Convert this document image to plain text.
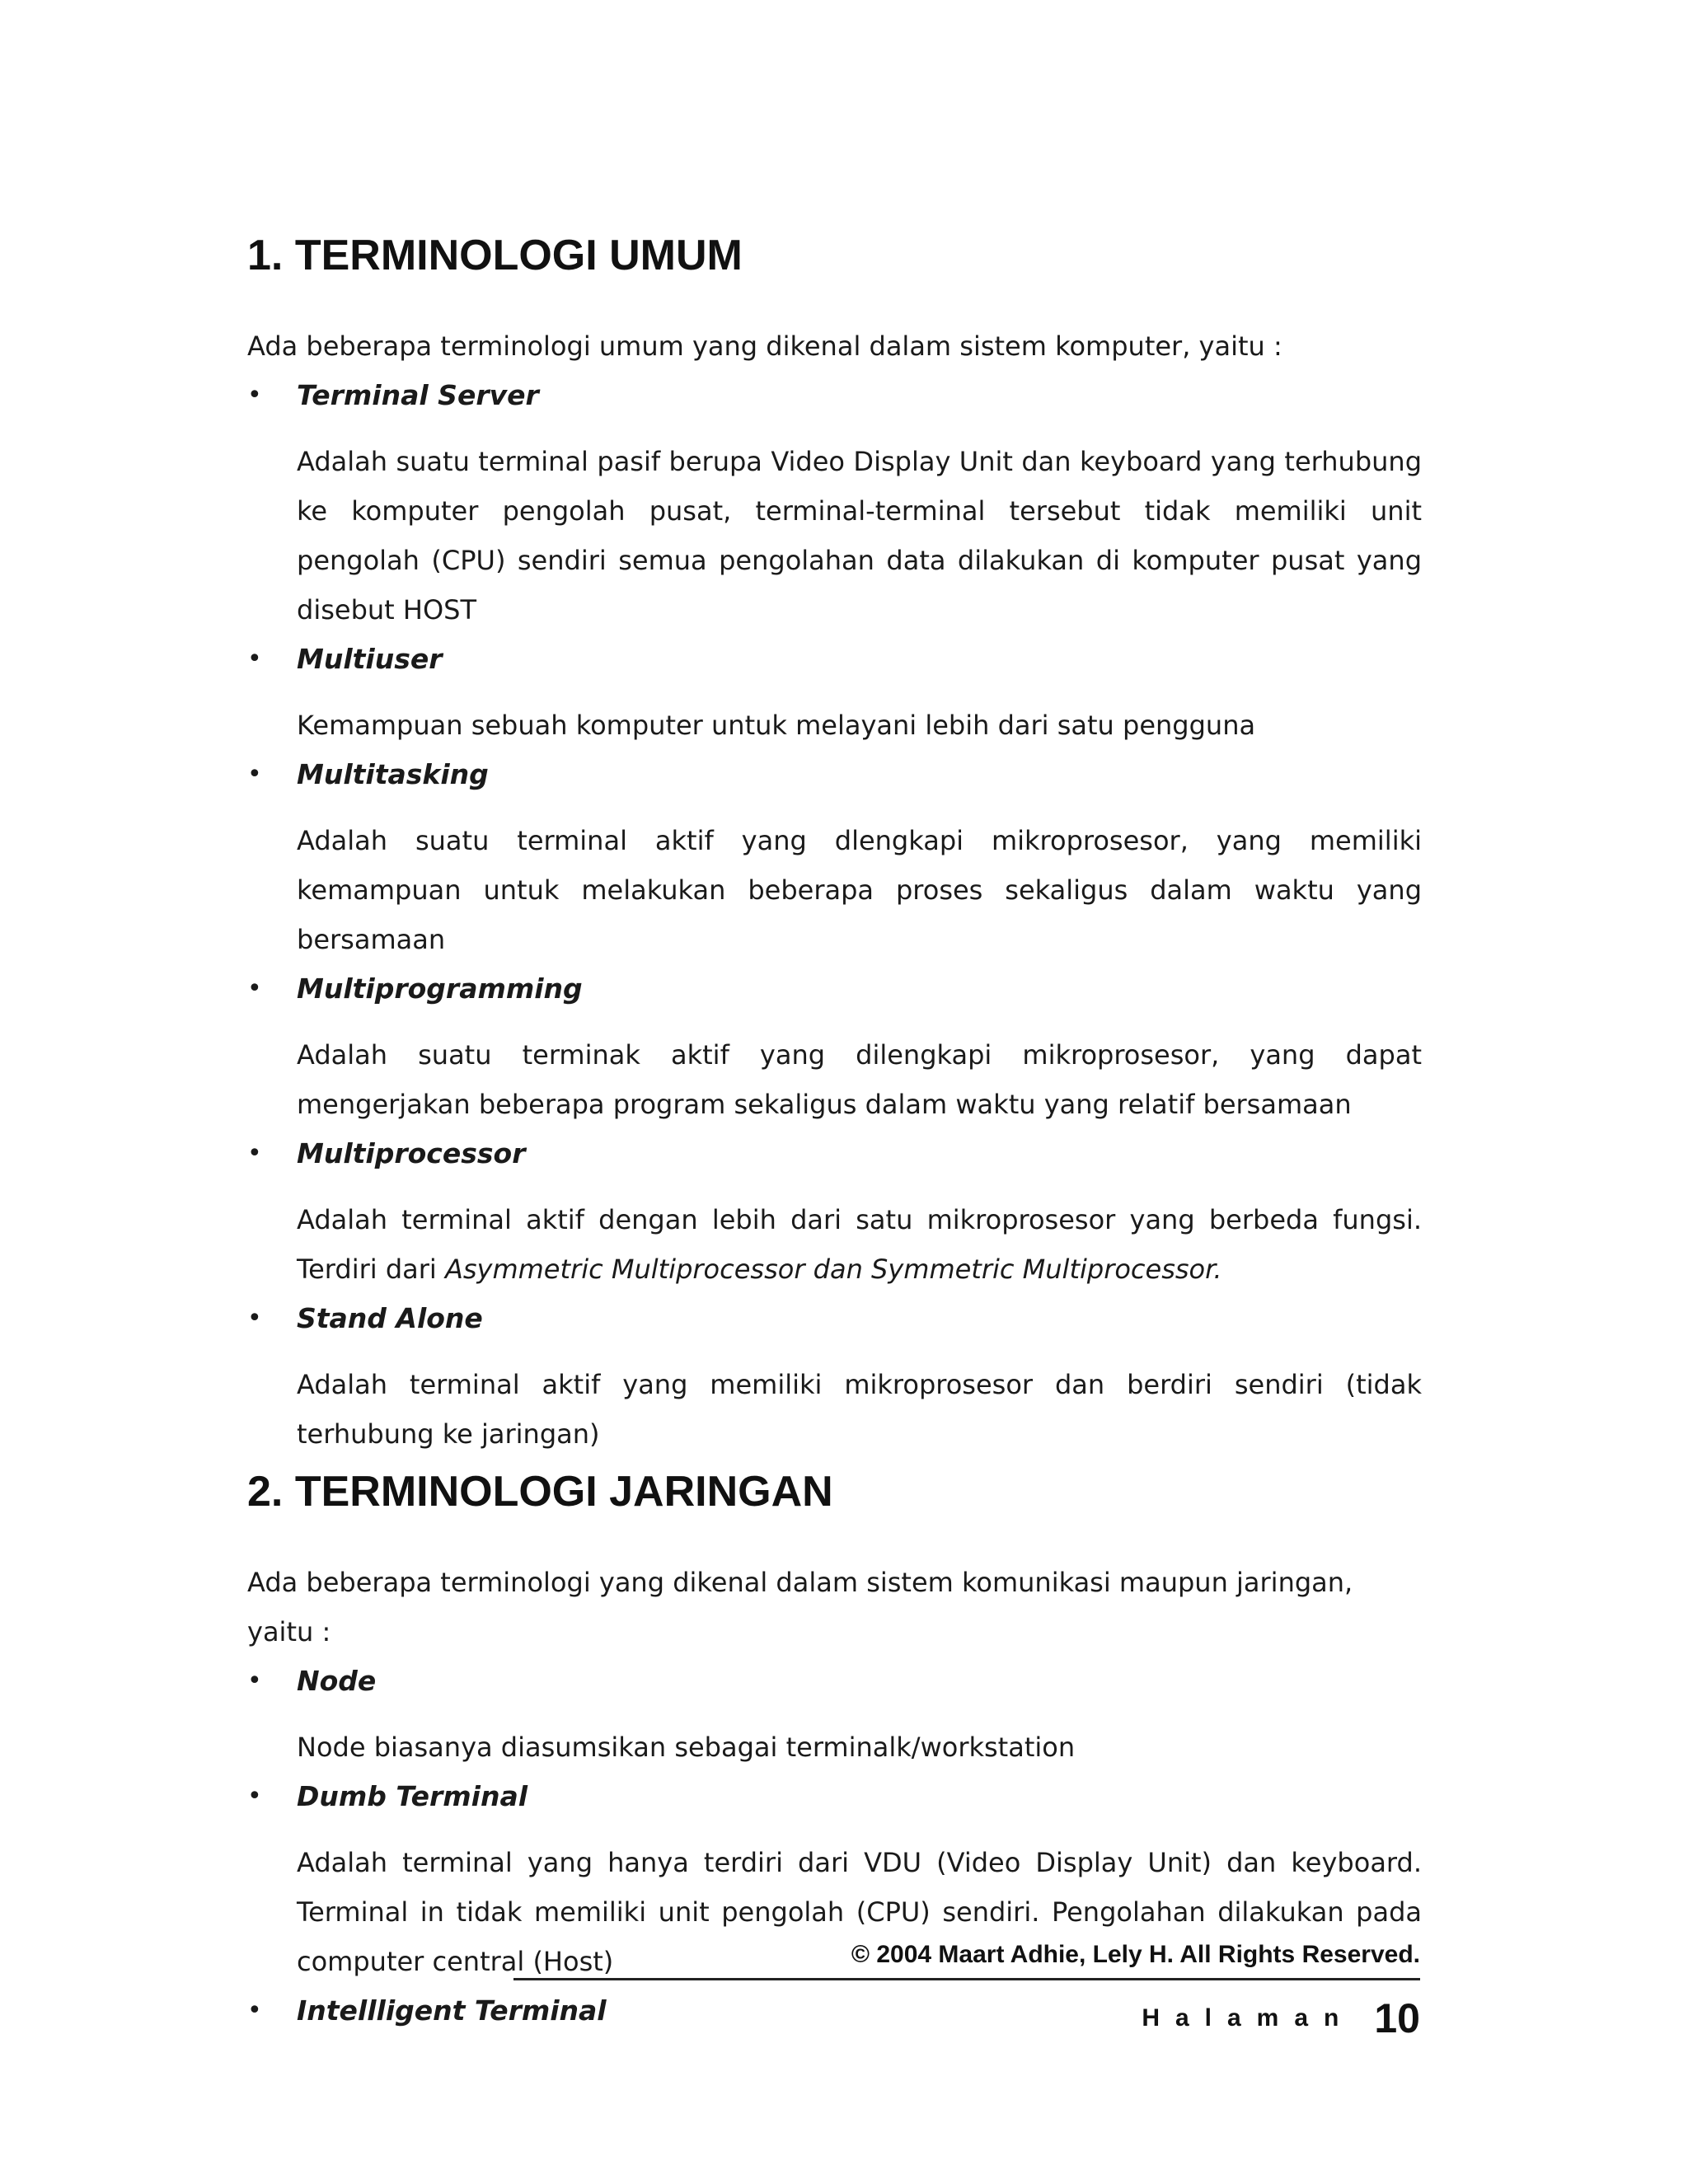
1. TERMINOLOGI UMUM

Ada beberapa terminologi umum yang dikenal dalam sistem komputer, yaitu :

• Terminal Server

Adalah suatu terminal pasif berupa Video Display Unit dan keyboard yang terhubung ke komputer pengolah pusat, terminal-terminal tersebut tidak memiliki unit pengolah (CPU) sendiri semua pengolahan data dilakukan di komputer pusat yang disebut HOST

• Multiuser

Kemampuan sebuah komputer untuk melayani lebih dari satu pengguna

• Multitasking

Adalah suatu terminal aktif yang dlengkapi mikroprosesor, yang memiliki kemampuan untuk melakukan beberapa proses sekaligus dalam waktu yang bersamaan

• Multiprogramming

Adalah suatu terminak aktif yang dilengkapi mikroprosesor, yang dapat mengerjakan beberapa program sekaligus dalam waktu yang relatif bersamaan

• Multiprocessor

Adalah terminal aktif dengan lebih dari satu mikroprosesor yang berbeda fungsi. Terdiri dari Asymmetric Multiprocessor dan Symmetric Multiprocessor.

• Stand Alone

Adalah terminal aktif yang memiliki mikroprosesor dan berdiri sendiri (tidak terhubung ke jaringan)

2. TERMINOLOGI JARINGAN

Ada beberapa terminologi yang dikenal dalam sistem komunikasi maupun jaringan, yaitu :

• Node

Node biasanya diasumsikan sebagai terminalk/workstation

• Dumb Terminal

Adalah terminal yang hanya terdiri dari VDU (Video Display Unit) dan keyboard. Terminal in tidak memiliki unit pengolah (CPU) sendiri. Pengolahan dilakukan pada computer central (Host)

• Intellligent Terminal
© 2004 Maart Adhie, Lely H. All Rights Reserved.
Halaman 10
